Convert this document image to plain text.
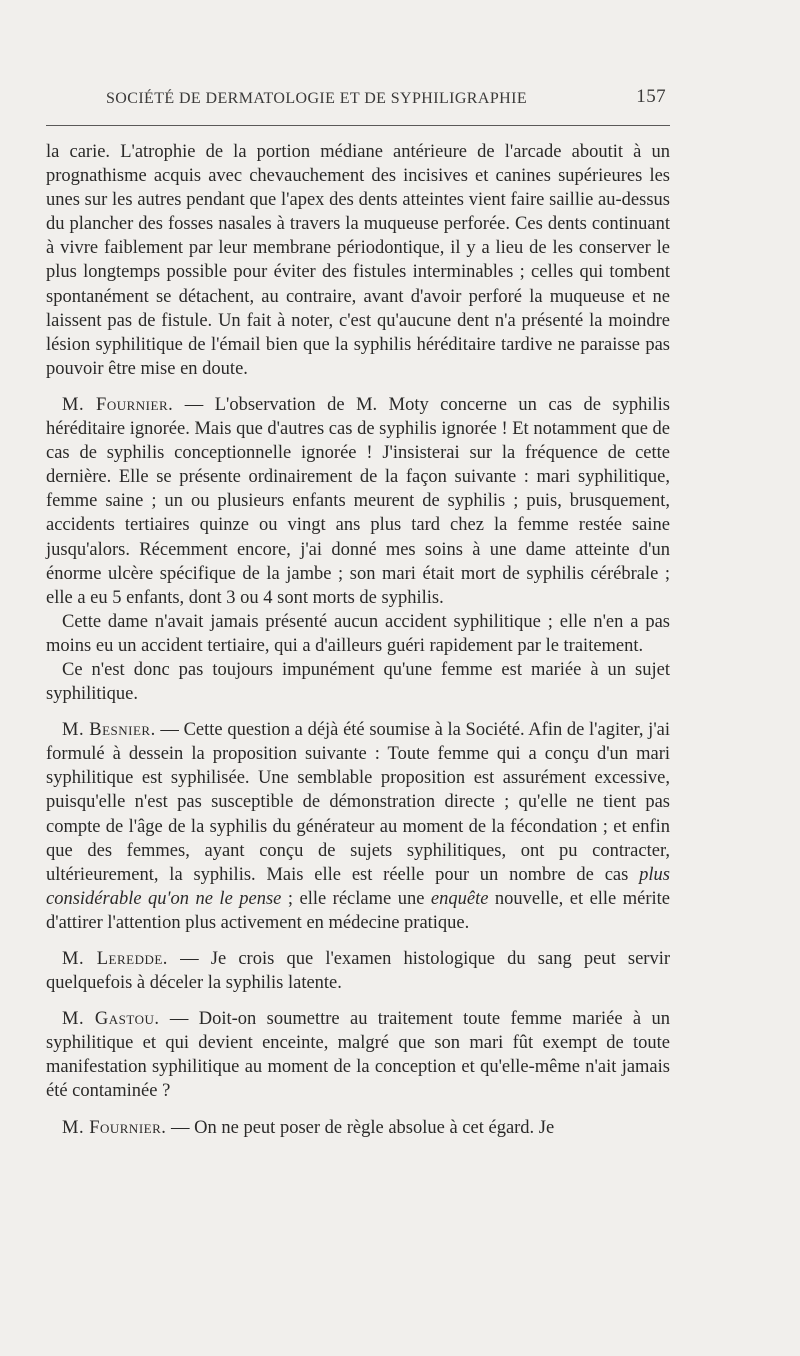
SOCIÉTÉ DE DERMATOLOGIE ET DE SYPHILIGRAPHIE	157

la carie. L'atrophie de la portion médiane antérieure de l'arcade aboutit à un prognathisme acquis avec chevauchement des incisives et canines supérieures les unes sur les autres pendant que l'apex des dents atteintes vient faire saillie au-dessus du plancher des fosses nasales à travers la muqueuse perforée. Ces dents continuant à vivre faiblement par leur membrane périodontique, il y a lieu de les conserver le plus longtemps possible pour éviter des fistules interminables ; celles qui tombent spontanément se détachent, au contraire, avant d'avoir perforé la muqueuse et ne laissent pas de fistule. Un fait à noter, c'est qu'aucune dent n'a présenté la moindre lésion syphilitique de l'émail bien que la syphilis héréditaire tardive ne paraisse pas pouvoir être mise en doute.

M. Fournier. — L'observation de M. Moty concerne un cas de syphilis héréditaire ignorée. Mais que d'autres cas de syphilis ignorée ! Et notamment que de cas de syphilis conceptionnelle ignorée ! J'insisterai sur la fréquence de cette dernière. Elle se présente ordinairement de la façon suivante : mari syphilitique, femme saine ; un ou plusieurs enfants meurent de syphilis ; puis, brusquement, accidents tertiaires quinze ou vingt ans plus tard chez la femme restée saine jusqu'alors. Récemment encore, j'ai donné mes soins à une dame atteinte d'un énorme ulcère spécifique de la jambe ; son mari était mort de syphilis cérébrale ; elle a eu 5 enfants, dont 3 ou 4 sont morts de syphilis.

Cette dame n'avait jamais présenté aucun accident syphilitique ; elle n'en a pas moins eu un accident tertiaire, qui a d'ailleurs guéri rapidement par le traitement.

Ce n'est donc pas toujours impunément qu'une femme est mariée à un sujet syphilitique.

M. Besnier. — Cette question a déjà été soumise à la Société. Afin de l'agiter, j'ai formulé à dessein la proposition suivante : Toute femme qui a conçu d'un mari syphilitique est syphilisée. Une semblable proposition est assurément excessive, puisqu'elle n'est pas susceptible de démonstration directe ; qu'elle ne tient pas compte de l'âge de la syphilis du générateur au moment de la fécondation ; et enfin que des femmes, ayant conçu de sujets syphilitiques, ont pu contracter, ultérieurement, la syphilis. Mais elle est réelle pour un nombre de cas plus considérable qu'on ne le pense ; elle réclame une enquête nouvelle, et elle mérite d'attirer l'attention plus activement en médecine pratique.

M. Leredde. — Je crois que l'examen histologique du sang peut servir quelquefois à déceler la syphilis latente.

M. Gastou. — Doit-on soumettre au traitement toute femme mariée à un syphilitique et qui devient enceinte, malgré que son mari fût exempt de toute manifestation syphilitique au moment de la conception et qu'elle-même n'ait jamais été contaminée ?

M. Fournier. — On ne peut poser de règle absolue à cet égard. Je
